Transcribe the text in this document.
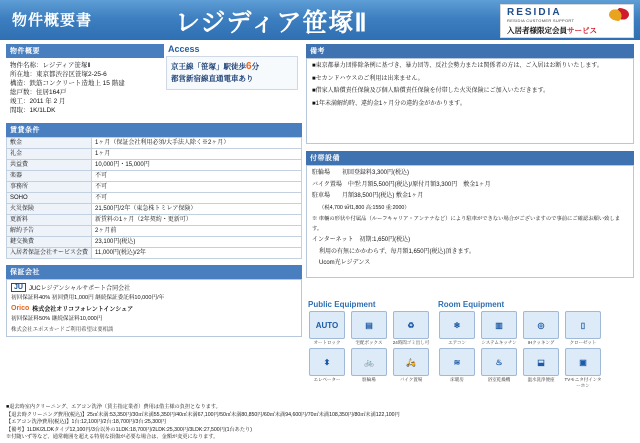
物件概要書	レジディア笹塚Ⅱ	RESIDIA
RESIDIA CUSTOMER SUPPORT
入居者様限定会員サービス
Access
京王線「笹塚」駅徒歩6分
都営新宿線直通電車あり
物件概要
物件名称：レジディア笹塚Ⅱ
所在地：東京都渋谷区笹塚2-25-6
構造：鉄筋コンクリート造地上 15 階建
総戸数：住居164戸
竣工：2011 年 2 月
間取：1K/1LDK
賃貸条件
敷金	1ヶ月（保証会社利用必須/大手法人除く※2ヶ月）
礼金	1ヶ月
共益費	10,000円・15,000円
楽器	不可
事務所	不可
SOHO	不可
火災保険	21,500円/2年（東急株トミレア保険）
更新料	新賃料の1ヶ月（2年契約・更新可）
解約予告	2ヶ月前
鍵交換費	23,100円(税込)
入居者保証会社サービス会費	11,000円(税込)/2年
保証会社
JU	JUCレジデンシャルサポート合同会社
初回保証料40% 初回費用1,000円 継続保証委託料10,000円/年
Orico 株式会社オリコフォレントインシュア
初回保証料50% 継続保証料10,000円
株式会社エポスカードご利用希望は要相談
備考

■東京都暴力団排除条例に基づき、暴力団等、反社会勢力または関係者の方は、ご入居はお断りいたします。

■セカンドハウスのご利用は出来ません。

■借家人賠償責任保険及び個人賠償責任保険を付帯した火災保険にご加入いただきます。

■1年未満解約時、違約金1ヶ月分の違約金がかかります。

付帯設備

駐輪場　　初回登録料3,300円(税込)

バイク置場　中型:月額5,500円(税込)/原付月額3,300円　敷金1ヶ月

駐車場　　月額38,500円(税込) 敷金1ヶ月

（税4,700 ម៉ៅ1,800 高:1550 重:2000）

※ 車輛の形状や付属品（ルーフキャリア・アンテナなど）により駐車ができない場合がございますので事前にご確認お願い致します。

インターネット　初期:1,650円(税込)

利用の有無にかかわらず、毎月額1,650円(税込)頂きます。

Ucom光レジデンス

Public Equipment
AUTO
オートロック
▤
宅配ボックス
♻
24時間ゴミ出し可
⬍
エレベーター
🚲
駐輪場
🛵
バイク置場
Room Equipment
❄
エアコン
▥
システムキッチン
◎
IHクッキング
▯
クローゼット
≋
床暖房
♨
浴室乾燥機
⬓
温水洗浄便座
▣
TVモニタ付インターホン
■退去時室内クリーニング、エアコン洗浄（賃主指定業者）費用は借主様の負担となります。
【退去時クリーニング費用(税込)】25㎡未満:53,350円/30㎡未満55,350円/40㎡未満67,100円/50㎡未満80,850円/60㎡未満94,600円/70㎡未満108,350円/80㎡未満122,100円
【エアコン洗浄費用(税込)】1台:12,100円/2台:18,700円/3台:25,300円
【備考】1LDK/2LDKタイプ12,100円/3台以外の1LDK:18,700円/2LDK:25,300円/3LDK:27,500円(1台あたり)
※付随いず等など、通常範囲を超える特別な損傷が必要な場合は、金額が変更になります。
